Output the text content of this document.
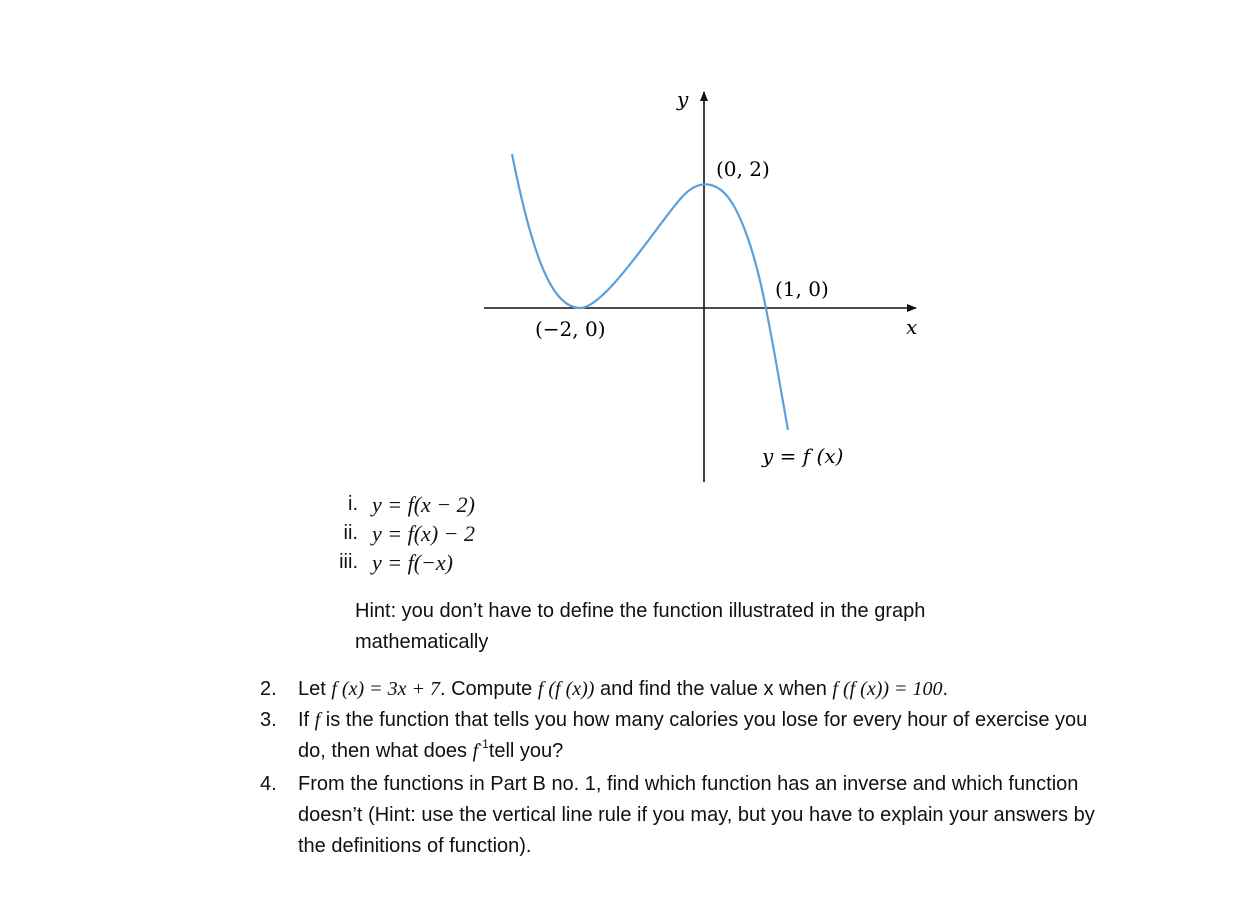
y
x
(0, 2)
(1, 0)
(−2, 0)
y = f (x)
i. y = f(x − 2)
ii. y = f(x) − 2
iii. y = f(−x)
Hint: you don’t have to define the function illustrated in the graph mathematically
2. Let f (x) = 3x + 7. Compute f (f (x)) and find the value x when f (f (x)) = 100.
3. If f is the function that tells you how many calories you lose for every hour of exercise you do, then what does $f^{-1}tell$ you?
4. From the functions in Part B no. 1, find which function has an inverse and which function doesn’t (Hint: use the vertical line rule if you may, but you have to explain your answers by the definitions of function).
